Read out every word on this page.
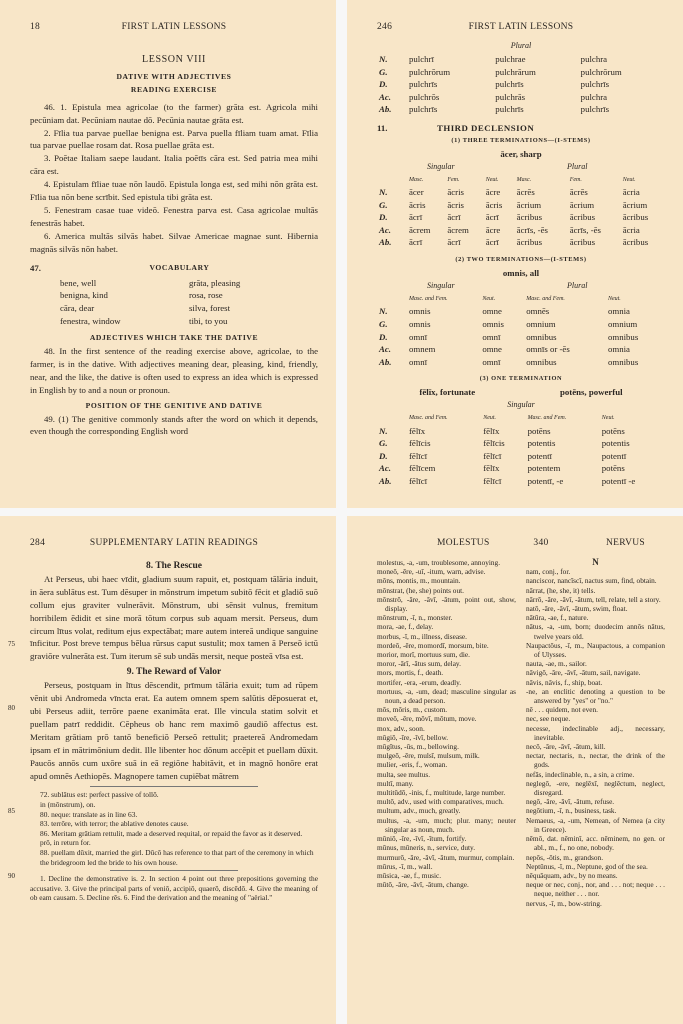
18	FIRST LATIN LESSONS
LESSON VIII
DATIVE WITH ADJECTIVES
READING EXERCISE

46. 1. Epistula mea agricolae (to the farmer) grāta est. Agricola mihi pecūniam dat. Pecūniam nautae dō. Pecūnia nautae grāta est.

2. Fīlia tua parvae puellae benigna est. Parva puella fīliam tuam amat. Fīlia tua parvae puellae rosam dat. Rosa puellae grāta est.

3. Poētae Italiam saepe laudant. Italia poētīs cāra est. Sed patria mea mihi cāra est.

4. Epistulam fīliae tuae nōn laudō. Epistula longa est, sed mihi nōn grāta est. Fīlia tua nōn bene scrībit. Sed epistula tibi grāta est.

5. Fenestram casae tuae videō. Fenestra parva est. Casa agricolae multās fenestrās habet.

6. America multās silvās habet. Silvae Americae magnae sunt. Hibernia magnās silvās nōn habet.

47.	VOCABULARY
bene, well	grāta, pleasing
benigna, kind	rosa, rose
cāra, dear	silva, forest
fenestra, window	tibi, to you
ADJECTIVES WHICH TAKE THE DATIVE

48. In the first sentence of the reading exercise above, agricolae, to the farmer, is in the dative. With adjectives meaning dear, pleasing, kind, friendly, near, and the like, the dative is often used to express an idea which is expressed in English by to and a noun or pronoun.

POSITION OF THE GENITIVE AND DATIVE

49. (1) The genitive commonly stands after the word on which it depends, even though the corresponding English word

246	FIRST LATIN LESSONS
Plural
N.	pulchrī	pulchrae	pulchra
G.	pulchrōrum	pulchrārum	pulchrōrum
D.	pulchrīs	pulchrīs	pulchrīs
Ac.	pulchrōs	pulchrās	pulchra
Ab.	pulchrīs	pulchrīs	pulchrīs
11.	THIRD DECLENSION
(1) THREE TERMINATIONS—(I-STEMS)
ācer, sharp
Singular	Plural
	Masc.	Fem.	Neut.	Masc.	Fem.	Neut.
N.	ācer	ācris	ācre	ācrēs	ācrēs	ācria
G.	ācris	ācris	ācris	ācrium	ācrium	ācrium
D.	ācrī	ācrī	ācrī	ācribus	ācribus	ācribus
Ac.	ācrem	ācrem	ācre	ācrīs, -ēs	ācrīs, -ēs	ācria
Ab.	ācrī	ācrī	ācrī	ācribus	ācribus	ācribus
(2) TWO TERMINATIONS—(I-STEMS)
omnis, all
Singular	Plural
	Masc. and Fem.	Neut.	Masc. and Fem.	Neut.
N.	omnis	omne	omnēs	omnia
G.	omnis	omnis	omnium	omnium
D.	omnī	omnī	omnibus	omnibus
Ac.	omnem	omne	omnīs or -ēs	omnia
Ab.	omnī	omnī	omnibus	omnibus
(3) ONE TERMINATION
fēlīx, fortunate	potēns, powerful
Singular
	Masc. and Fem.	Neut.	Masc. and Fem.	Neut.
N.	fēlīx	fēlīx	potēns	potēns
G.	fēlīcis	fēlīcis	potentis	potentis
D.	fēlīcī	fēlīcī	potentī	potentī
Ac.	fēlīcem	fēlīx	potentem	potēns
Ab.	fēlīcī	fēlīcī	potentī, -e	potentī -e
284	SUPPLEMENTARY LATIN READINGS
75
80
85
90
8. The Rescue

At Perseus, ubi haec vīdit, gladium suum rapuit, et, postquam tālāria induit, in āera sublātus est. Tum dēsuper in mōnstrum impetum subitō fēcit et gladiō suō collum ejus graviter vulnerāvit. Mōnstrum, ubi sēnsit vulnus, fremitum horribilem ēdidit et sine morā tōtum corpus sub aquam mersit. Perseus, dum circum lītus volat, reditum ejus expectābat; mare autem intereā undique sanguine īnficitur. Post breve tempus bēlua rūrsus caput sustulit; mox tamen ā Perseō ictū graviōre vulnerāta est. Tum iterum sē sub undās mersit, neque posteā vīsa est.

9. The Reward of Valor

Perseus, postquam in lītus dēscendit, prīmum tālāria exuit; tum ad rūpem vēnit ubi Andromeda vīncta erat. Ea autem omnem spem salūtis dēposuerat et, ubi Perseus adiit, terrōre paene exanimāta erat. Ille vincula statim solvit et puellam patrī reddidit. Cēpheus ob hanc rem maximō gaudiō affectus est. Meritam grātiam prō tantō beneficiō Perseō rettulit; praetereā Andromedam ipsam eī in mātrimōnium dedit. Ille libenter hoc dōnum accēpit et puellam dūxit. Paucōs annōs cum uxōre suā in eā regiōne habitāvit, et in magnō honōre erat apud omnēs Aethiopēs. Magnopere tamen cupiēbat mātrem

72. sublātus est: perfect passive of tollō.
in (mōnstrum), on.
80. neque: translate as in line 63.
83. terrōre, with terror; the ablative denotes cause.
86. Meritam grātiam rettulit, made a deserved requital, or repaid the favor as it deserved.
prō, in return for.
88. puellam dūxit, married the girl. Dūcō has reference to that part of the ceremony in which the bridegroom led the bride to his own house.
1. Decline the demonstrative is. 2. In section 4 point out three prepositions governing the accusative. 3. Give the principal parts of veniō, accipiō, quaerō, discēdō. 4. Give the meaning of ob eam causam. 5. Decline rēs. 6. Find the derivation and the meaning of "aërial."
MOLESTUS	340	NERVUS

molestus, -a, -um, troublesome, annoying.

moneō, -ēre, -uī, -itum, warn, advise.

mōns, montis, m., mountain.

mōnstrat, (he, she) points out.

mōnstrō, -āre, -āvī, -ātum, point out, show, display.

mōnstrum, -ī, n., monster.

mora, -ae, f., delay.

morbus, -ī, m., illness, disease.

mordeō, -ēre, momordī, morsum, bite.

morior, morī, mortuus sum, die.

moror, -ārī, -ātus sum, delay.

mors, mortis, f., death.

mortifer, -era, -erum, deadly.

mortuus, -a, -um, dead; masculine singular as noun, a dead person.

mōs, mōris, m., custom.

moveō, -ēre, mōvī, mōtum, move.

mox, adv., soon.

mūgiō, -īre, -īvī, bellow.

mūgītus, -ūs, m., bellowing.

mulgeō, -ēre, mulsī, mulsum, milk.

mulier, -eris, f., woman.

multa, see multus.

multī, many.

multitūdō, -inis, f., multitude, large number.

multō, adv., used with comparatives, much.

multum, adv., much, greatly.

multus, -a, -um, much; plur. many; neuter singular as noun, much.

mūniō, -īre, -īvī, -ītum, fortify.

mūnus, mūneris, n., service, duty.

murmurō, -āre, -āvī, -ātum, murmur, complain.

mūrus, -ī, m., wall.

mūsica, -ae, f., music.

mūtō, -āre, -āvī, -ātum, change.

N

nam, conj., for.

nanciscor, nancīscī, nactus sum, find, obtain.

nārrat, (he, she, it) tells.

nārrō, -āre, -āvī, -ātum, tell, relate, tell a story.

natō, -āre, -āvī, -ātum, swim, float.

nātūra, -ae, f., nature.

nātus, -a, -um, born; duodecim annōs nātus, twelve years old.

Naupactōus, -ī, m., Naupactous, a companion of Ulysses.

nauta, -ae, m., sailor.

nāvigō, -āre, -āvī, -ātum, sail, navigate.

nāvis, nāvis, f., ship, boat.

-ne, an enclitic denoting a question to be answered by "yes" or "no."

nē . . . quidem, not even.

nec, see neque.

necesse, indeclinable adj., necessary, inevitable.

necō, -āre, -āvī, -ātum, kill.

nectar, nectaris, n., nectar, the drink of the gods.

nefās, indeclinable, n., a sin, a crime.

neglegō, -ere, neglēxī, neglēctum, neglect, disregard.

negō, -āre, -āvī, -ātum, refuse.

negōtium, -ī, n., business, task.

Nemaeus, -a, -um, Nemean, of Nemea (a city in Greece).

nēmō, dat. nēminī, acc. nēminem, no gen. or abl., m., f., no one, nobody.

nepōs, -ōtis, m., grandson.

Neptūnus, -ī, m., Neptune, god of the sea.

nēquāquam, adv., by no means.

neque or nec, conj., nor, and . . . not; neque . . . neque, neither . . . nor.

nervus, -ī, m., bow-string.
